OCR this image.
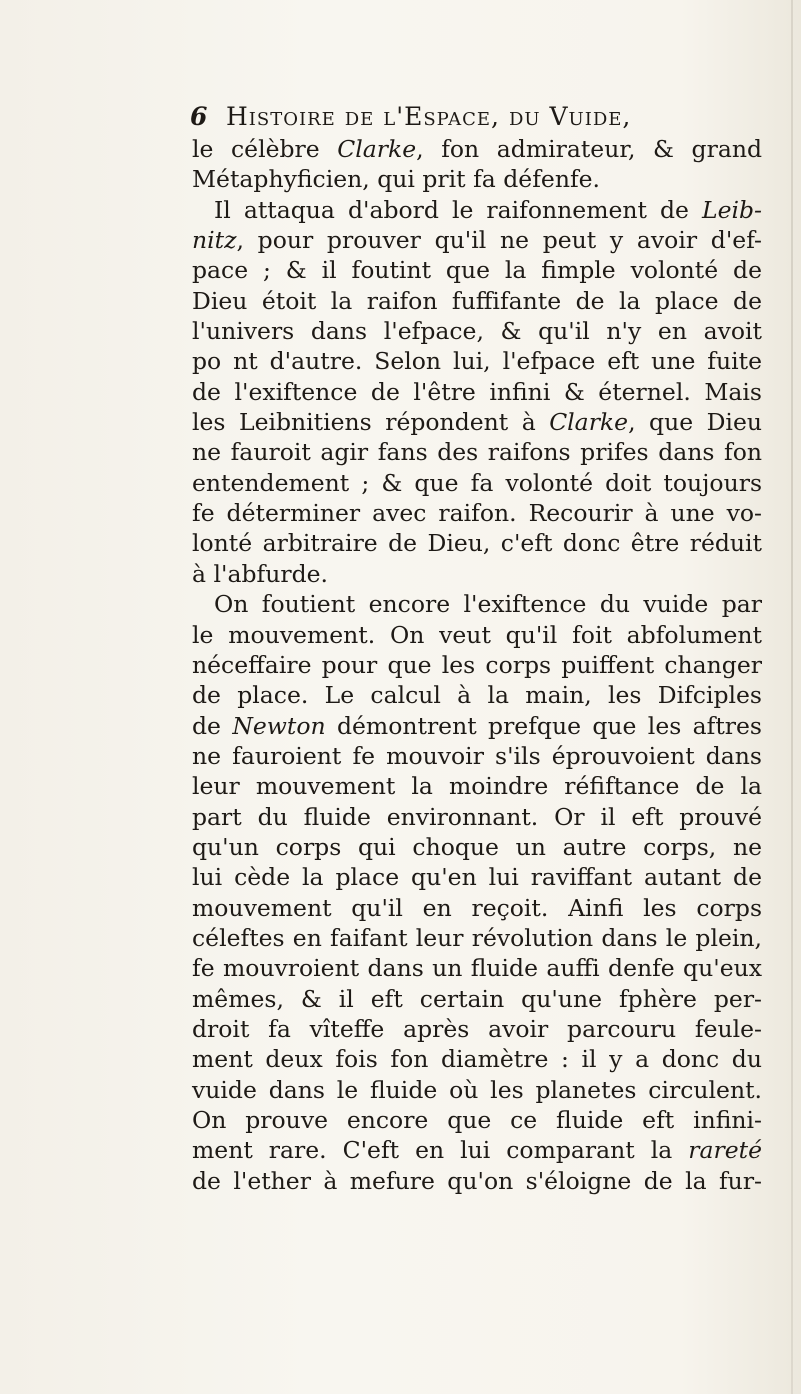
6 Histoire de l'Espace, du Vuide,
le célèbre Clarke, fon admirateur, & grand
Métaphyficien, qui prit fa défenfe.
Il attaqua d'abord le raifonnement de Leib-
nitz, pour prouver qu'il ne peut y avoir d'ef-
pace ; & il foutint que la fimple volonté de
Dieu étoit la raifon fuffifante de la place de
l'univers dans l'efpace, & qu'il n'y en avoit
po nt d'autre. Selon lui, l'efpace eft une fuite
de l'exiftence de l'être infini & éternel. Mais
les Leibnitiens répondent à Clarke, que Dieu
ne fauroit agir fans des raifons prifes dans fon
entendement ; & que fa volonté doit toujours
fe déterminer avec raifon. Recourir à une vo-
lonté arbitraire de Dieu, c'eft donc être réduit
à l'abfurde.
On foutient encore l'exiftence du vuide par
le mouvement. On veut qu'il foit abfolument
néceffaire pour que les corps puiffent changer
de place. Le calcul à la main, les Difciples
de Newton démontrent prefque que les aftres
ne fauroient fe mouvoir s'ils éprouvoient dans
leur mouvement la moindre réfiftance de la
part du fluide environnant. Or il eft prouvé
qu'un corps qui choque un autre corps, ne
lui cède la place qu'en lui raviffant autant de
mouvement qu'il en reçoit. Ainfi les corps
céleftes en faifant leur révolution dans le plein,
fe mouvroient dans un fluide auffi denfe qu'eux
mêmes, & il eft certain qu'une fphère per-
droit fa vîteffe après avoir parcouru feule-
ment deux fois fon diamètre : il y a donc du
vuide dans le fluide où les planetes circulent.
On prouve encore que ce fluide eft infini-
ment rare. C'eft en lui comparant la rareté
de l'ether à mefure qu'on s'éloigne de la fur-
